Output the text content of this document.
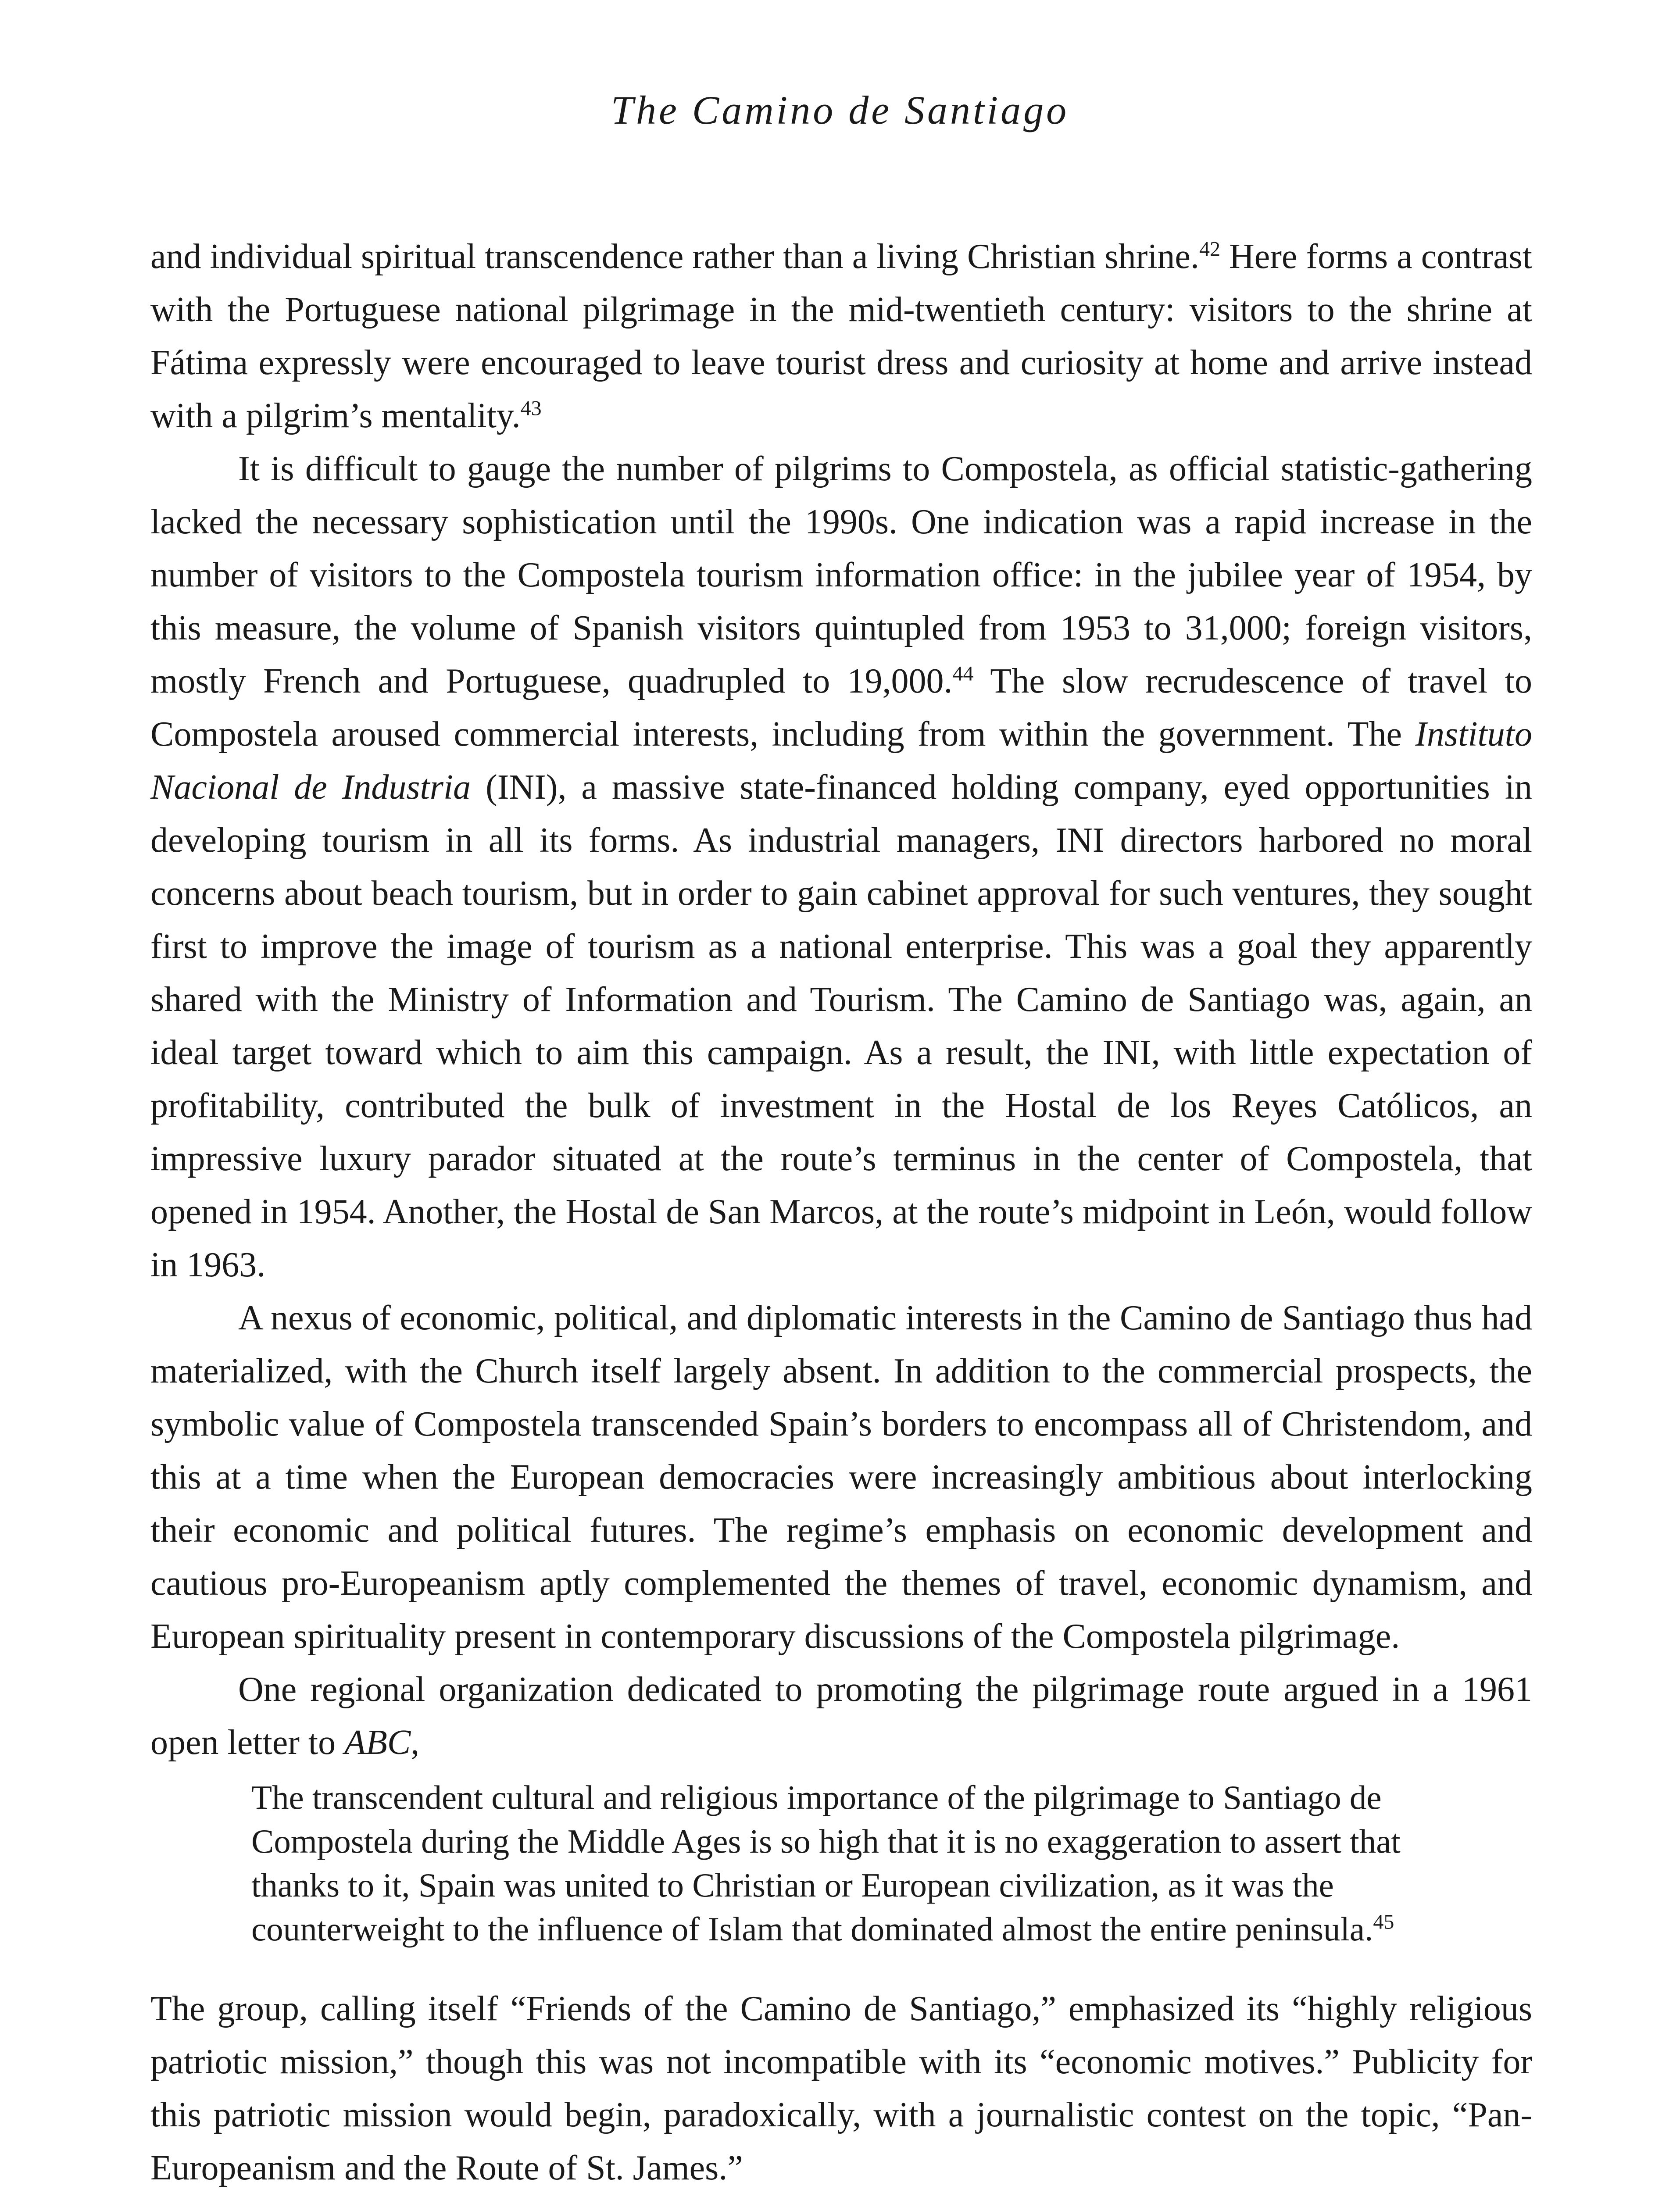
The Camino de Santiago

and individual spiritual transcendence rather than a living Christian shrine.$^{42}$ Here forms a contrast with the Portuguese national pilgrimage in the mid-twentieth century: visitors to the shrine at Fátima expressly were encouraged to leave tourist dress and curiosity at home and arrive instead with a pilgrim’s mentality.$^{43}$

It is difficult to gauge the number of pilgrims to Compostela, as official statistic-gathering lacked the necessary sophistication until the 1990s. One indication was a rapid increase in the number of visitors to the Compostela tourism information office: in the jubilee year of 1954, by this measure, the volume of Spanish visitors quintupled from 1953 to 31,000; foreign visitors, mostly French and Portuguese, quadrupled to 19,000.44 The slow recrudescence of travel to Compostela aroused commercial interests, including from within the government. The Instituto Nacional de Industria (INI), a massive state-financed holding company, eyed opportunities in developing tourism in all its forms. As industrial managers, INI directors harbored no moral concerns about beach tourism, but in order to gain cabinet approval for such ventures, they sought first to improve the image of tourism as a national enterprise. This was a goal they apparently shared with the Ministry of Information and Tourism. The Camino de Santiago was, again, an ideal target toward which to aim this campaign. As a result, the INI, with little expectation of profitability, contributed the bulk of investment in the Hostal de los Reyes Católicos, an impressive luxury parador situated at the route’s terminus in the center of Compostela, that opened in 1954. Another, the Hostal de San Marcos, at the route’s midpoint in León, would follow in 1963.

A nexus of economic, political, and diplomatic interests in the Camino de Santiago thus had materialized, with the Church itself largely absent. In addition to the commercial prospects, the symbolic value of Compostela transcended Spain’s borders to encompass all of Christendom, and this at a time when the European democracies were increasingly ambitious about interlocking their economic and political futures. The regime’s emphasis on economic development and cautious pro-Europeanism aptly complemented the themes of travel, economic dynamism, and European spirituality present in contemporary discussions of the Compostela pilgrimage.

One regional organization dedicated to promoting the pilgrimage route argued in a 1961 open letter to ABC,

The transcendent cultural and religious importance of the pilgrimage to Santiago de Compostela during the Middle Ages is so high that it is no exaggeration to assert that thanks to it, Spain was united to Christian or European civilization, as it was the counterweight to the influence of Islam that dominated almost the entire peninsula.$^{45}$

The group, calling itself “Friends of the Camino de Santiago,” emphasized its “highly religious patriotic mission,” though this was not incompatible with its “economic motives.” Publicity for this patriotic mission would begin, paradoxically, with a journalistic contest on the topic, “Pan-Europeanism and the Route of St. James.”
